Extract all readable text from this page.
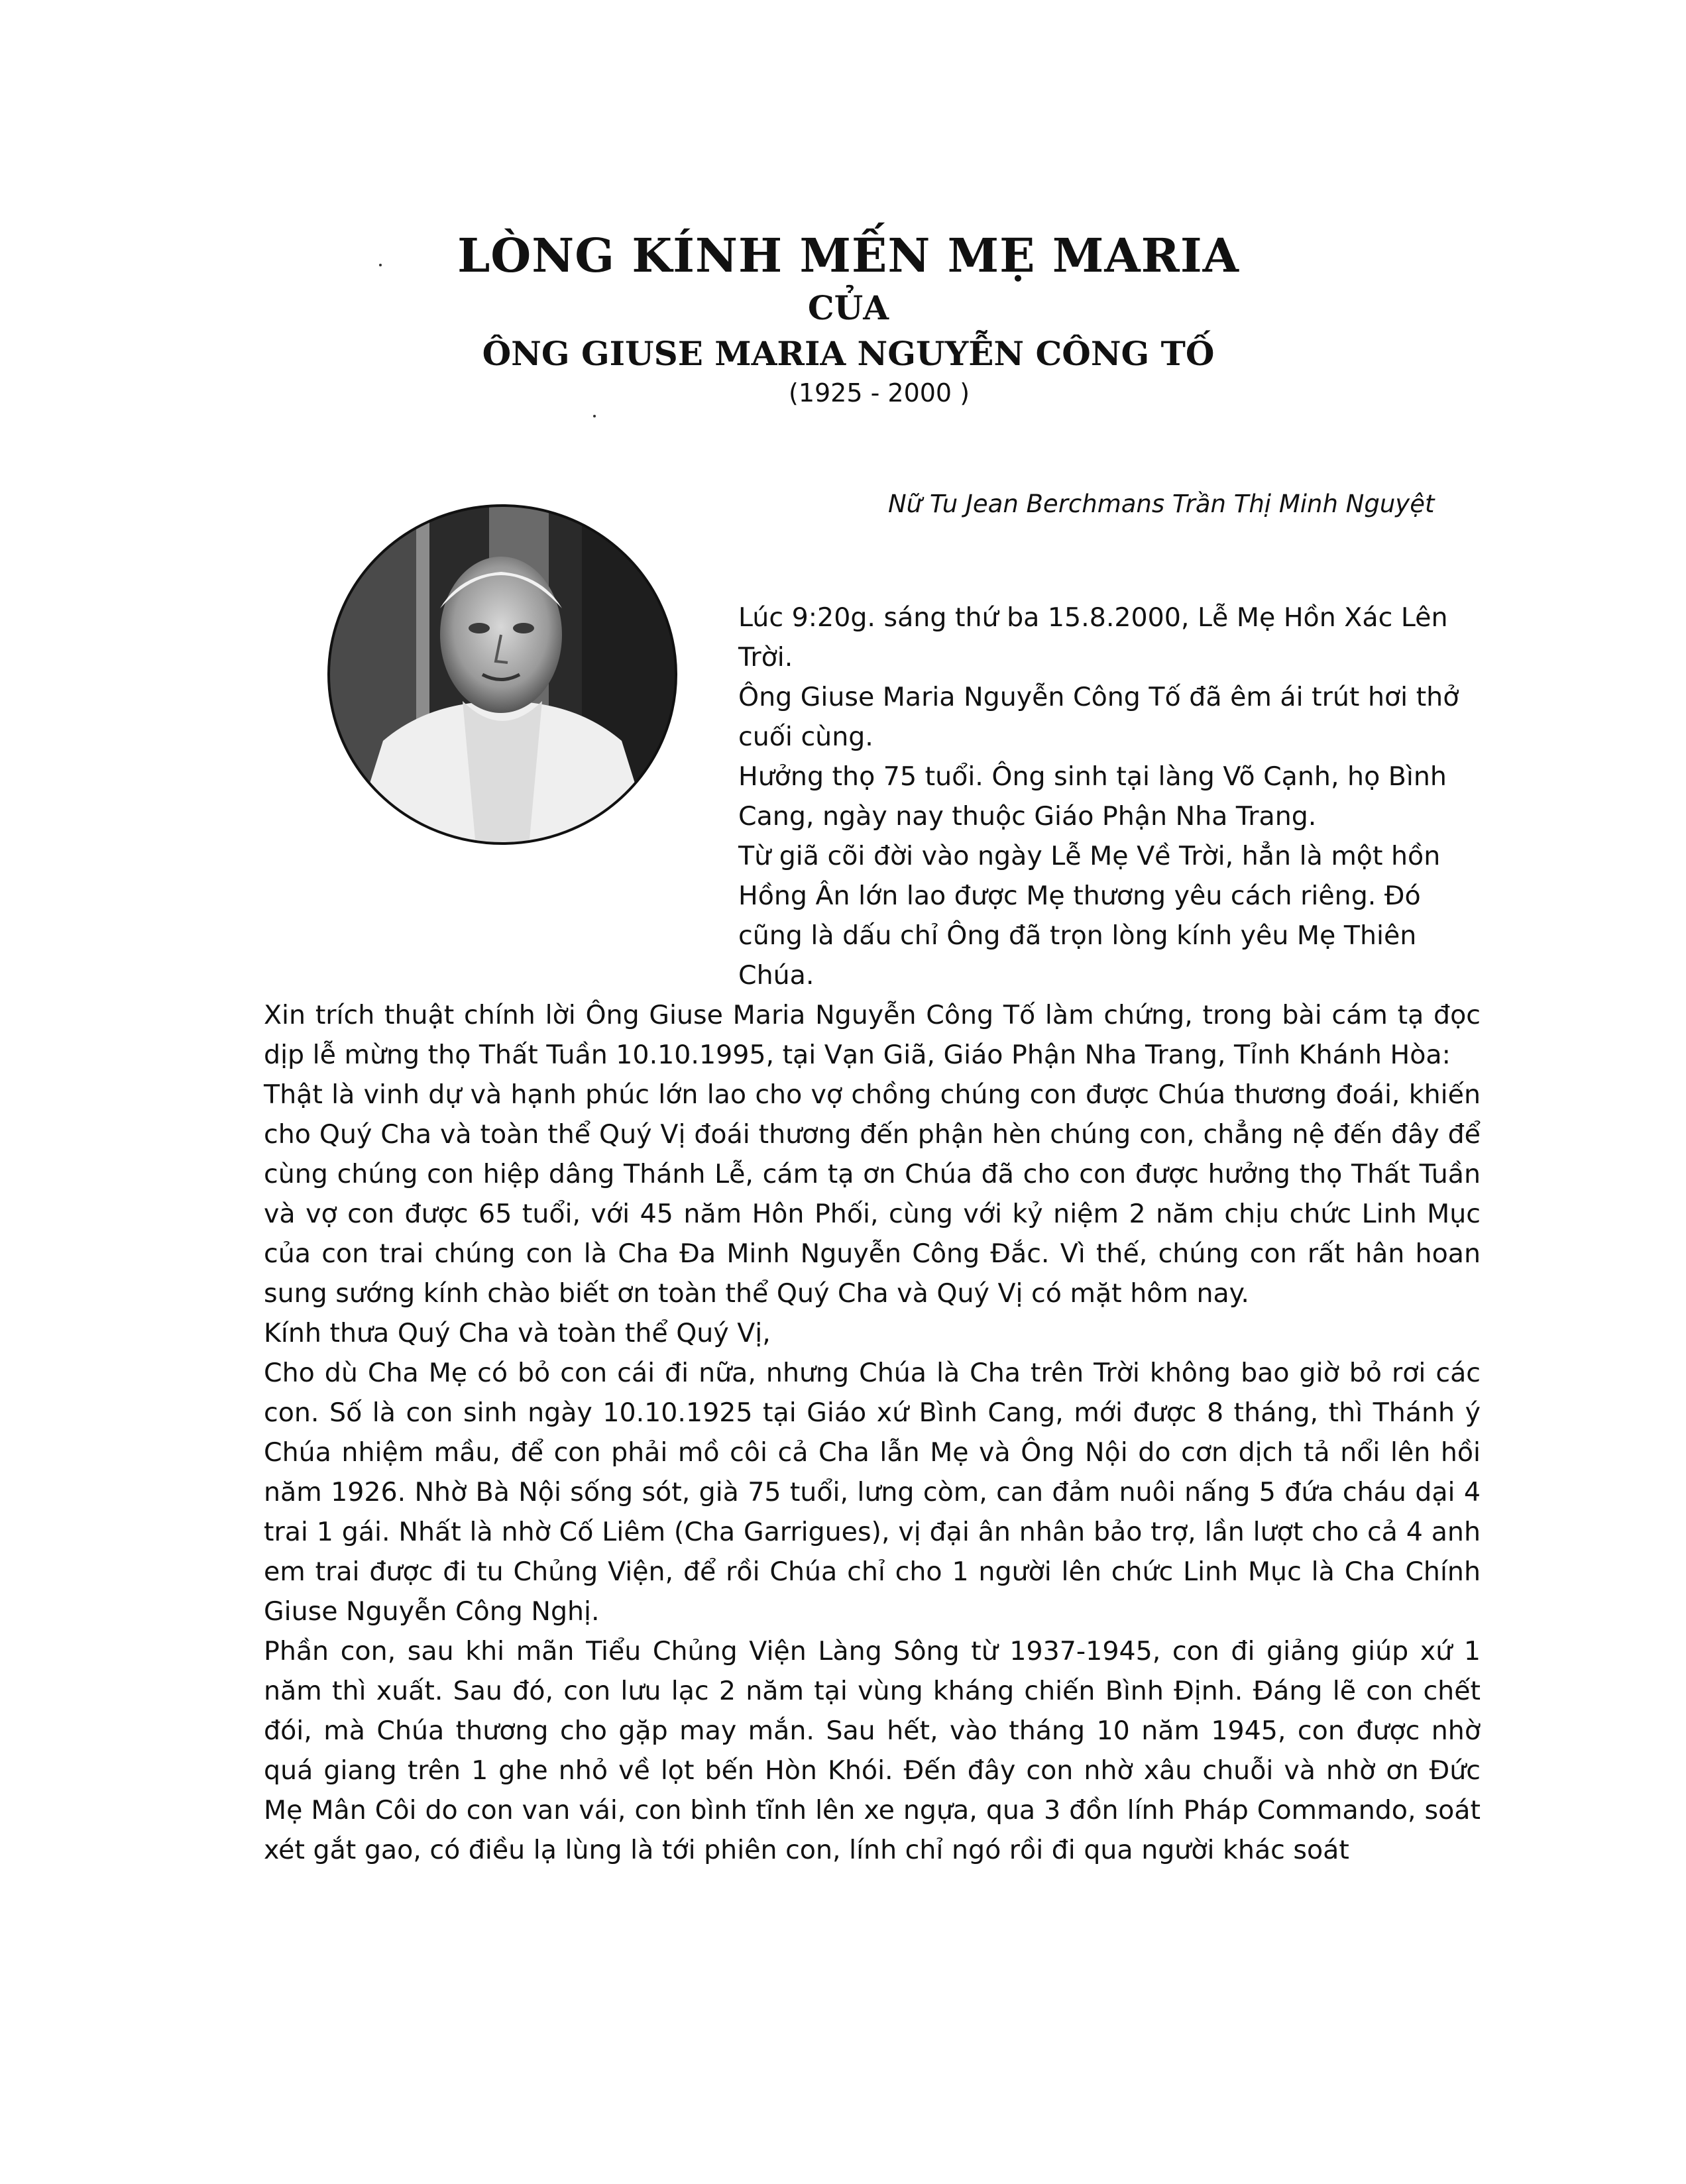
LÒNG KÍNH MẾN MẸ MARIA
CỦA
ÔNG GIUSE MARIA NGUYỄN CÔNG TỐ
(1925 - 2000 )
Nữ Tu Jean Berchmans Trần Thị Minh Nguyệt

Lúc 9:20g. sáng thứ ba 15.8.2000, Lễ Mẹ Hồn Xác Lên Trời.

Ông Giuse Maria Nguyễn Công Tố đã êm ái trút hơi thở cuối cùng.

Hưởng thọ 75 tuổi. Ông sinh tại làng Võ Cạnh, họ Bình Cang, ngày nay thuộc Giáo Phận Nha Trang.

Từ giã cõi đời vào ngày Lễ Mẹ Về Trời, hẳn là một hồn Hồng Ân lớn lao được Mẹ thương yêu cách riêng. Đó cũng là dấu chỉ Ông đã trọn lòng kính yêu Mẹ Thiên Chúa.

Xin trích thuật chính lời Ông Giuse Maria Nguyễn Công Tố làm chứng, trong bài cám tạ đọc dịp lễ mừng thọ Thất Tuần 10.10.1995, tại Vạn Giã, Giáo Phận Nha Trang, Tỉnh Khánh Hòa:

Thật là vinh dự và hạnh phúc lớn lao cho vợ chồng chúng con được Chúa thương đoái, khiến cho Quý Cha và toàn thể Quý Vị đoái thương đến phận hèn chúng con, chẳng nệ đến đây để cùng chúng con hiệp dâng Thánh Lễ, cám tạ ơn Chúa đã cho con được hưởng thọ Thất Tuần và vợ con được 65 tuổi, với 45 năm Hôn Phối, cùng với kỷ niệm 2 năm chịu chức Linh Mục của con trai chúng con là Cha Đa Minh Nguyễn Công Đắc. Vì thế, chúng con rất hân hoan sung sướng kính chào biết ơn toàn thể Quý Cha và Quý Vị có mặt hôm nay.

Kính thưa Quý Cha và toàn thể Quý Vị,

Cho dù Cha Mẹ có bỏ con cái đi nữa, nhưng Chúa là Cha trên Trời không bao giờ bỏ rơi các con. Số là con sinh ngày 10.10.1925 tại Giáo xứ Bình Cang, mới được 8 tháng, thì Thánh ý Chúa nhiệm mầu, để con phải mồ côi cả Cha lẫn Mẹ và Ông Nội do cơn dịch tả nổi lên hồi năm 1926. Nhờ Bà Nội sống sót, già 75 tuổi, lưng còm, can đảm nuôi nấng 5 đứa cháu dại 4 trai 1 gái. Nhất là nhờ Cố Liêm (Cha Garrigues), vị đại ân nhân bảo trợ, lần lượt cho cả 4 anh em trai được đi tu Chủng Viện, để rồi Chúa chỉ cho 1 người lên chức Linh Mục là Cha Chính Giuse Nguyễn Công Nghị.

Phần con, sau khi mãn Tiểu Chủng Viện Làng Sông từ 1937-1945, con đi giảng giúp xứ 1 năm thì xuất. Sau đó, con lưu lạc 2 năm tại vùng kháng chiến Bình Định. Đáng lẽ con chết đói, mà Chúa thương cho gặp may mắn. Sau hết, vào tháng 10 năm 1945, con được nhờ quá giang trên 1 ghe nhỏ về lọt bến Hòn Khói. Đến đây con nhờ xâu chuỗi và nhờ ơn Đức Mẹ Mân Côi do con van vái, con bình tĩnh lên xe ngựa, qua 3 đồn lính Pháp Commando, soát xét gắt gao, có điều lạ lùng là tới phiên con, lính chỉ ngó rồi đi qua người khác soát
